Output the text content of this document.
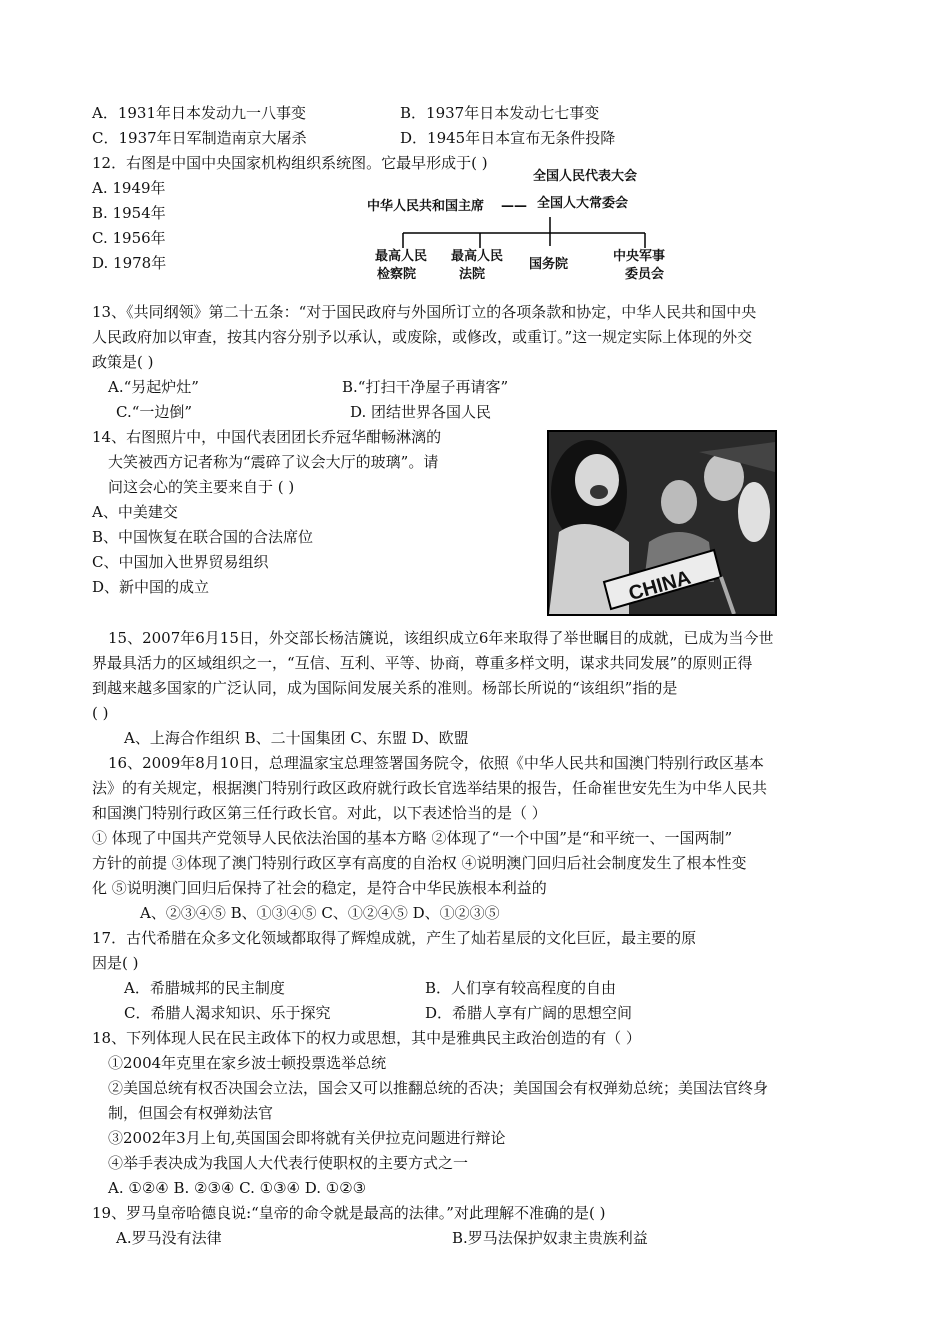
A．1931年日本发动九一八事变	B．1937年日本发动七七事变
C．1937年日军制造南京大屠杀	D．1945年日本宣布无条件投降
12．右图是中国中央国家机构组织系统图。它最早形成于( )
A. 1949年
B. 1954年
C. 1956年
D. 1978年
13、《共同纲领》第二十五条：“对于国民政府与外国所订立的各项条款和协定，中华人民共和国中央
人民政府加以审查，按其内容分别予以承认，或废除，或修改，或重订。”这一规定实际上体现的外交
政策是( )
A.“另起炉灶”	B.“打扫干净屋子再请客”
C.“一边倒”	D. 团结世界各国人民
14、右图照片中，中国代表团团长乔冠华酣畅淋漓的
大笑被西方记者称为“震碎了议会大厅的玻璃”。请
问这会心的笑主要来自于 ( )
A、中美建交
B、中国恢复在联合国的合法席位
C、中国加入世界贸易组织
D、新中国的成立
15、2007年6月15日，外交部长杨洁篪说，该组织成立6年来取得了举世瞩目的成就，已成为当今世
界最具活力的区域组织之一，“互信、互利、平等、协商，尊重多样文明，谋求共同发展”的原则正得
到越来越多国家的广泛认同，成为国际间发展关系的准则。杨部长所说的“该组织”指的是
( )
A、上海合作组织 B、二十国集团 C、东盟 D、欧盟
16、2009年8月10日，总理温家宝总理签署国务院令，依照《中华人民共和国澳门特别行政区基本
法》的有关规定，根据澳门特别行政区政府就行政长官选举结果的报告，任命崔世安先生为中华人民共
和国澳门特别行政区第三任行政长官。对此，以下表述恰当的是（ ）
① 体现了中国共产党领导人民依法治国的基本方略 ②体现了“一个中国”是“和平统一、一国两制”
方针的前提 ③体现了澳门特别行政区享有高度的自治权 ④说明澳门回归后社会制度发生了根本性变
化 ⑤说明澳门回归后保持了社会的稳定，是符合中华民族根本利益的
A、②③④⑤ B、①③④⑤ C、①②④⑤ D、①②③⑤
17．古代希腊在众多文化领域都取得了辉煌成就，产生了灿若星辰的文化巨匠，最主要的原
因是( )
A．希腊城邦的民主制度	B．人们享有较高程度的自由
C．希腊人渴求知识、乐于探究	D．希腊人享有广阔的思想空间
18、下列体现人民在民主政体下的权力或思想，其中是雅典民主政治创造的有（ ）
①2004年克里在家乡波士顿投票选举总统
②美国总统有权否决国会立法，国会又可以推翻总统的否决；美国国会有权弹劾总统；美国法官终身
制，但国会有权弹劾法官
③2002年3月上旬,英国国会即将就有关伊拉克问题进行辩论
④举手表决成为我国人大代表行使职权的主要方式之一
A. ①②④ B. ②③④ C. ①③④ D. ①②③
19、罗马皇帝哈德良说:“皇帝的命令就是最高的法律。”对此理解不准确的是( )
A.罗马没有法律	B.罗马法保护奴隶主贵族利益
全国人民代表大会
中华人民共和国主席 —— 全国人大常委会
最高人民
检察院
最高人民
法院
国务院
中央军事
委员会
CHINA
